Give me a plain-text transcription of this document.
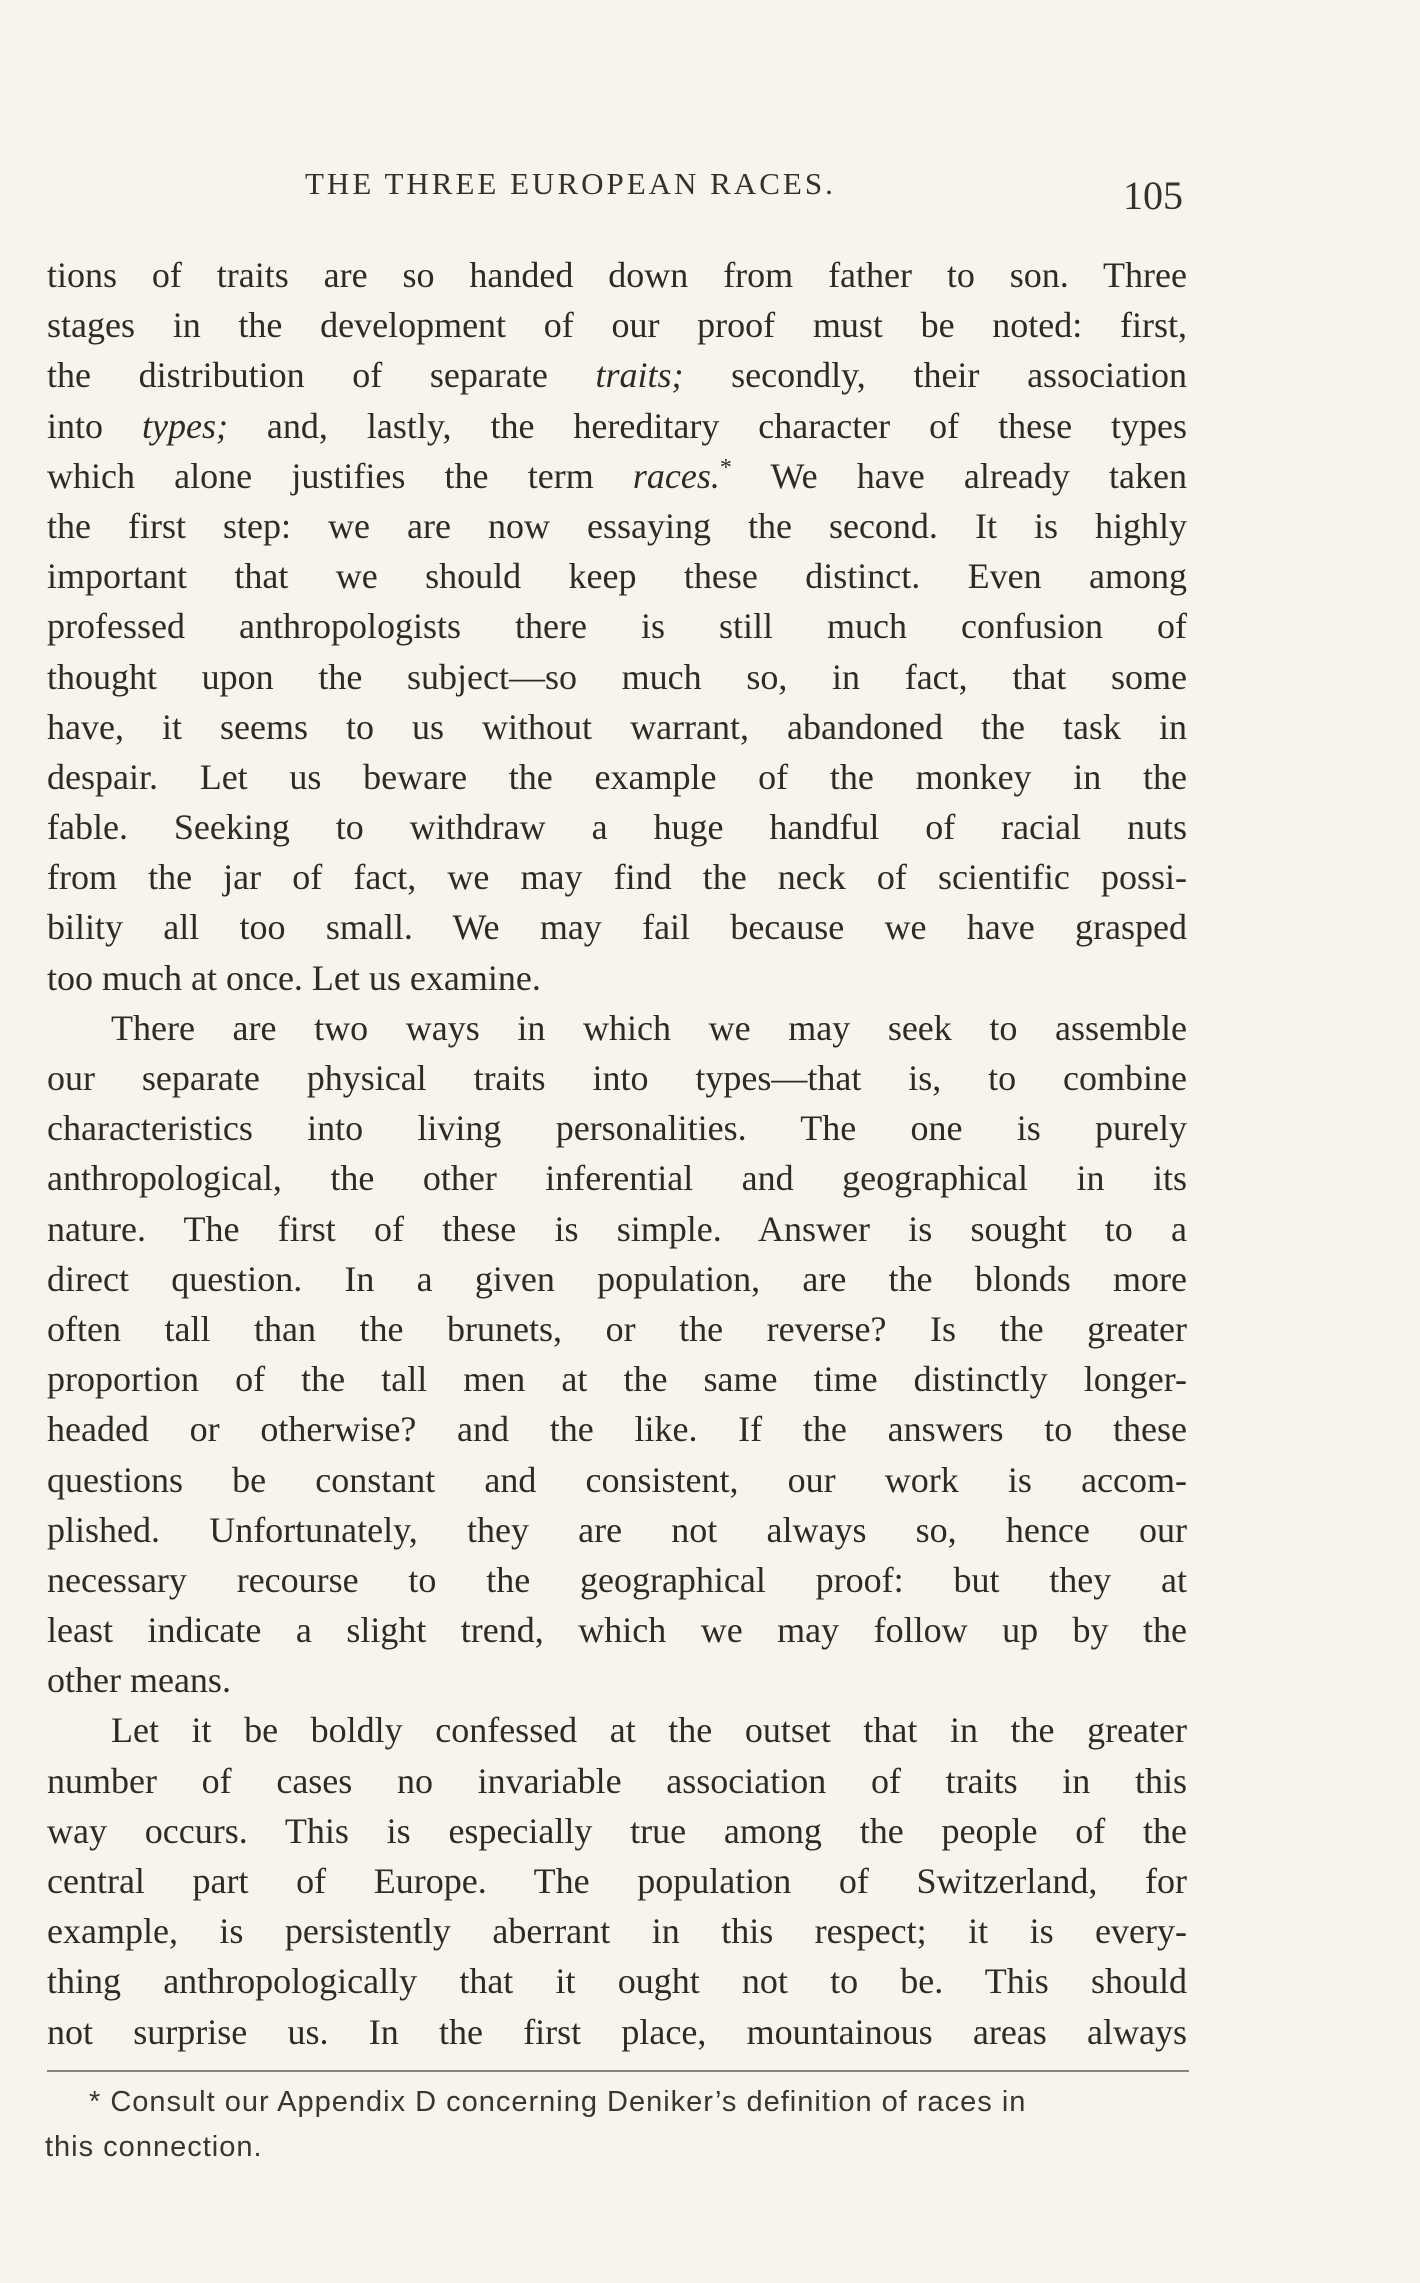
THE THREE EUROPEAN RACES.	105
tions of traits are so handed down from father to son. Three
stages in the development of our proof must be noted: first,
the distribution of separate traits; secondly, their association
into types; and, lastly, the hereditary character of these types
which alone justifies the term races.* We have already taken
the first step: we are now essaying the second. It is highly
important that we should keep these distinct. Even among
professed anthropologists there is still much confusion of
thought upon the subject—so much so, in fact, that some
have, it seems to us without warrant, abandoned the task in
despair. Let us beware the example of the monkey in the
fable. Seeking to withdraw a huge handful of racial nuts
from the jar of fact, we may find the neck of scientific possi-
bility all too small. We may fail because we have grasped
too much at once. Let us examine.
There are two ways in which we may seek to assemble
our separate physical traits into types—that is, to combine
characteristics into living personalities. The one is purely
anthropological, the other inferential and geographical in its
nature. The first of these is simple. Answer is sought to a
direct question. In a given population, are the blonds more
often tall than the brunets, or the reverse? Is the greater
proportion of the tall men at the same time distinctly longer-
headed or otherwise? and the like. If the answers to these
questions be constant and consistent, our work is accom-
plished. Unfortunately, they are not always so, hence our
necessary recourse to the geographical proof: but they at
least indicate a slight trend, which we may follow up by the
other means.
Let it be boldly confessed at the outset that in the greater
number of cases no invariable association of traits in this
way occurs. This is especially true among the people of the
central part of Europe. The population of Switzerland, for
example, is persistently aberrant in this respect; it is every-
thing anthropologically that it ought not to be. This should
not surprise us. In the first place, mountainous areas always
* Consult our Appendix D concerning Deniker’s definition of races in
this connection.
